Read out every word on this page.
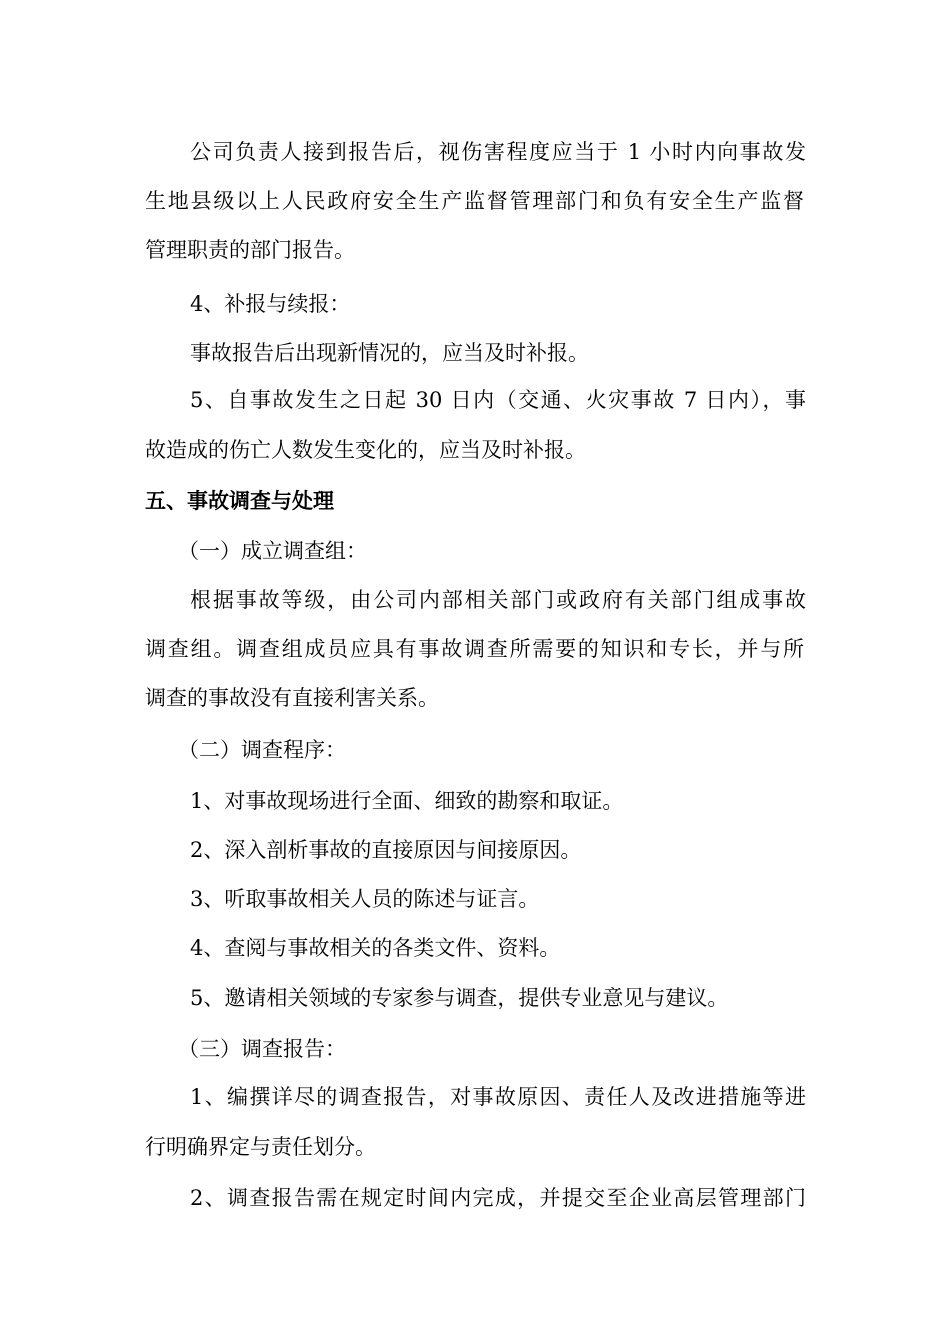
公司负责人接到报告后，视伤害程度应当于 1 小时内向事故发
生地县级以上人民政府安全生产监督管理部门和负有安全生产监督
管理职责的部门报告。
4、补报与续报：
事故报告后出现新情况的，应当及时补报。
5、自事故发生之日起 30 日内（交通、火灾事故 7 日内），事
故造成的伤亡人数发生变化的，应当及时补报。
五、事故调查与处理
（一）成立调查组：
根据事故等级，由公司内部相关部门或政府有关部门组成事故
调查组。调查组成员应具有事故调查所需要的知识和专长，并与所
调查的事故没有直接利害关系。
（二）调查程序：
1、对事故现场进行全面、细致的勘察和取证。
2、深入剖析事故的直接原因与间接原因。
3、听取事故相关人员的陈述与证言。
4、查阅与事故相关的各类文件、资料。
5、邀请相关领域的专家参与调查，提供专业意见与建议。
（三）调查报告：
1、编撰详尽的调查报告，对事故原因、责任人及改进措施等进
行明确界定与责任划分。
2、调查报告需在规定时间内完成，并提交至企业高层管理部门
